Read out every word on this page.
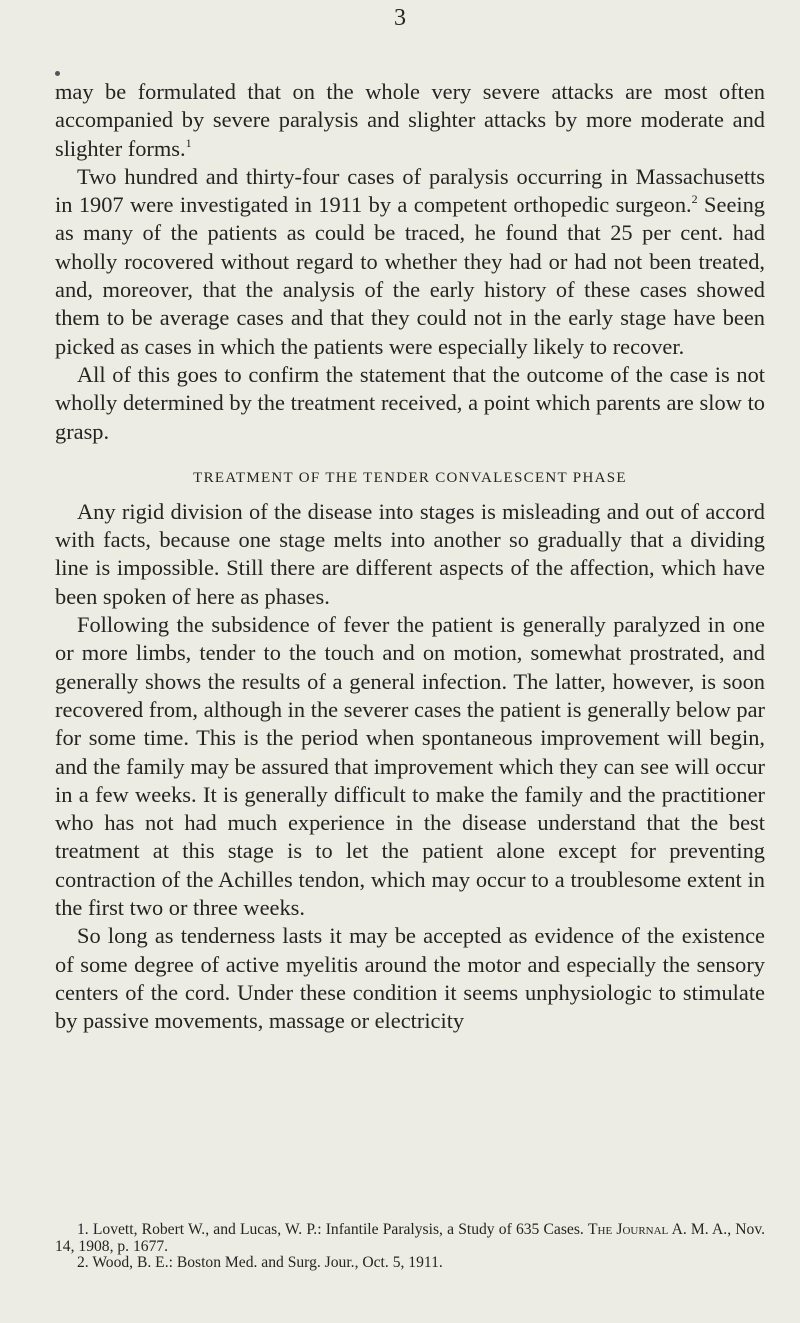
3

may be formulated that on the whole very severe attacks are most often accompanied by severe paralysis and slighter attacks by more moderate and slighter forms.$^1$

Two hundred and thirty-four cases of paralysis occurring in Massachusetts in 1907 were investigated in 1911 by a competent orthopedic surgeon.$^2$ Seeing as many of the patients as could be traced, he found that 25 per cent. had wholly rocovered without regard to whether they had or had not been treated, and, moreover, that the analysis of the early history of these cases showed them to be average cases and that they could not in the early stage have been picked as cases in which the patients were especially likely to recover.

All of this goes to confirm the statement that the outcome of the case is not wholly determined by the treatment received, a point which parents are slow to grasp.

TREATMENT OF THE TENDER CONVALESCENT PHASE

Any rigid division of the disease into stages is misleading and out of accord with facts, because one stage melts into another so gradually that a dividing line is impossible. Still there are different aspects of the affection, which have been spoken of here as phases.

Following the subsidence of fever the patient is generally paralyzed in one or more limbs, tender to the touch and on motion, somewhat prostrated, and generally shows the results of a general infection. The latter, however, is soon recovered from, although in the severer cases the patient is generally below par for some time. This is the period when spontaneous improvement will begin, and the family may be assured that improvement which they can see will occur in a few weeks. It is generally difficult to make the family and the practitioner who has not had much experience in the disease understand that the best treatment at this stage is to let the patient alone except for preventing contraction of the Achilles tendon, which may occur to a troublesome extent in the first two or three weeks.

So long as tenderness lasts it may be accepted as evidence of the existence of some degree of active myelitis around the motor and especially the sensory centers of the cord. Under these condition it seems unphysiologic to stimulate by passive movements, massage or electricity

1. Lovett, Robert W., and Lucas, W. P.: Infantile Paralysis, a Study of 635 Cases. The Journal A. M. A., Nov. 14, 1908, p. 1677.

2. Wood, B. E.: Boston Med. and Surg. Jour., Oct. 5, 1911.
